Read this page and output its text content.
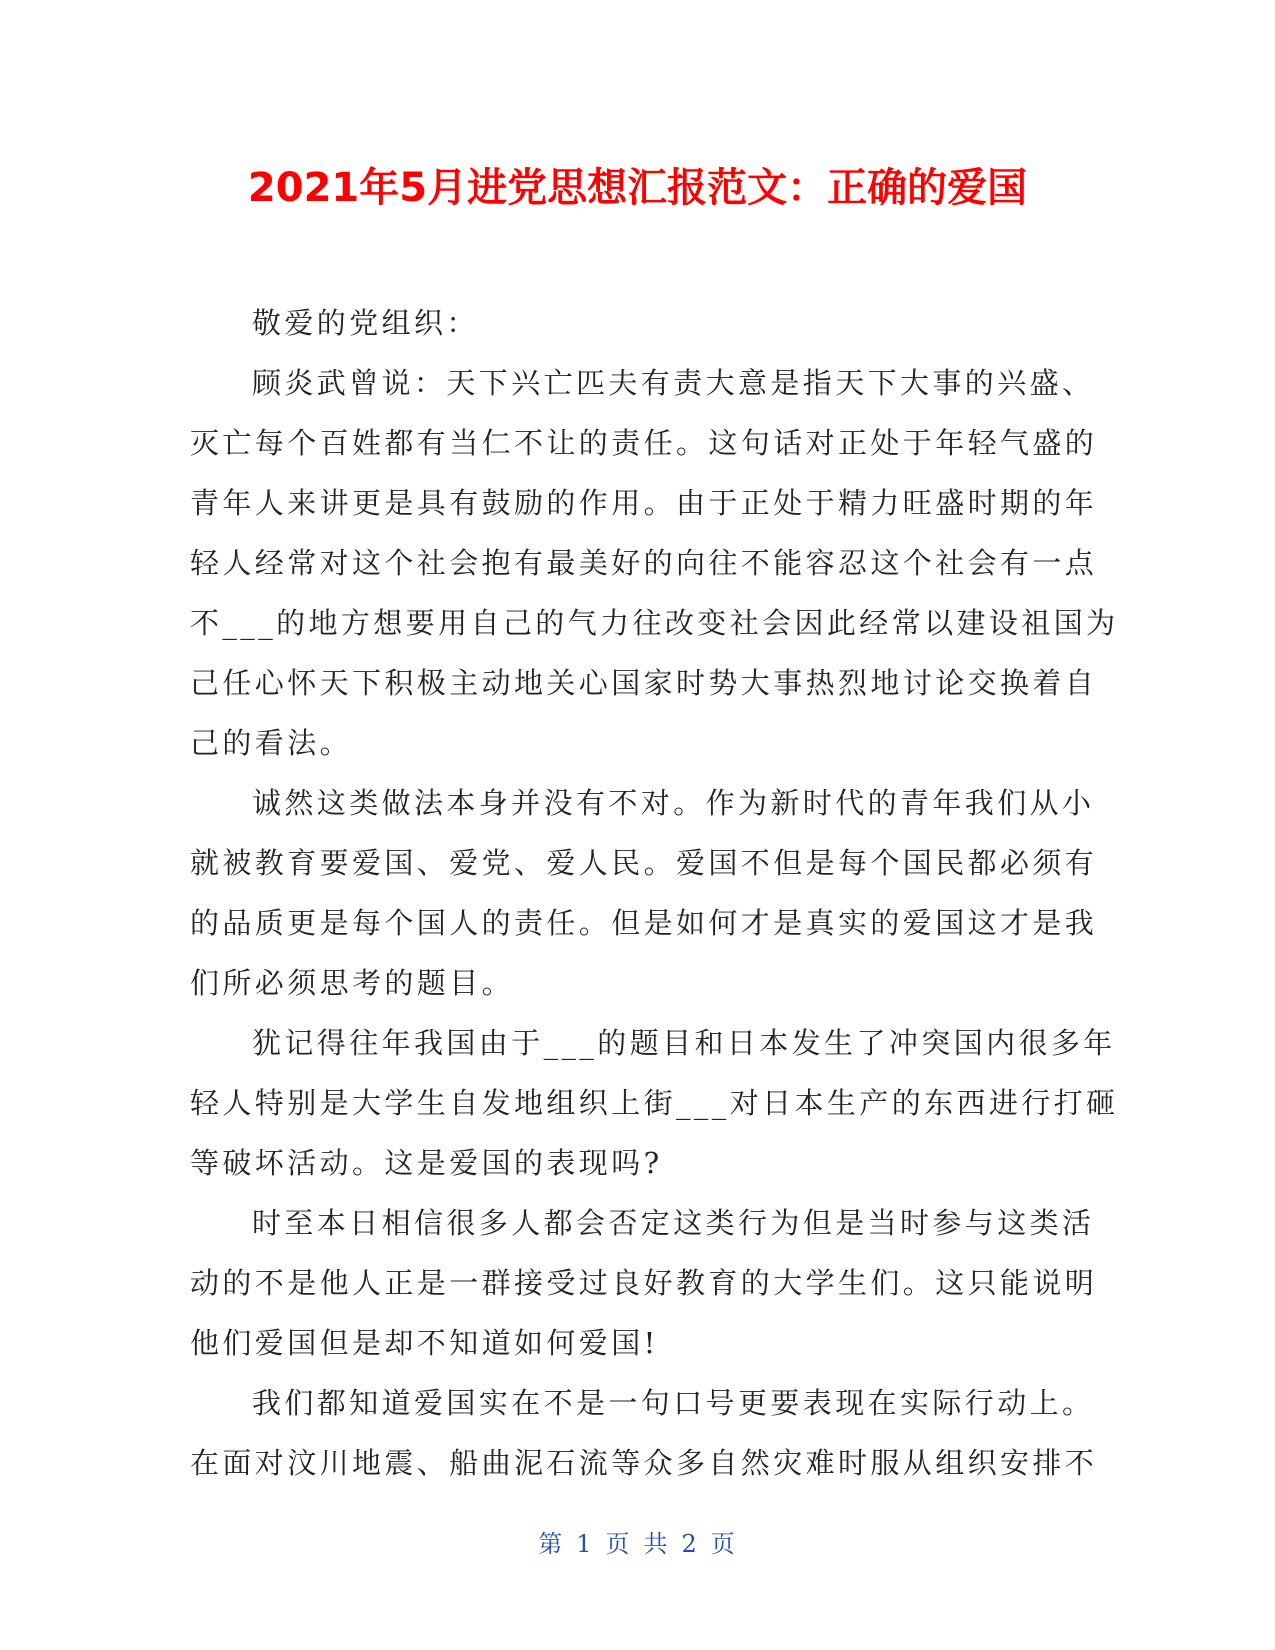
2021年5月进党思想汇报范文：正确的爱国

敬爱的党组织：

顾炎武曾说：天下兴亡匹夫有责大意是指天下大事的兴盛、
灭亡每个百姓都有当仁不让的责任。这句话对正处于年轻气盛的
青年人来讲更是具有鼓励的作用。由于正处于精力旺盛时期的年
轻人经常对这个社会抱有最美好的向往不能容忍这个社会有一点
不___的地方想要用自己的气力往改变社会因此经常以建设祖国为
己任心怀天下积极主动地关心国家时势大事热烈地讨论交换着自
己的看法。

诚然这类做法本身并没有不对。作为新时代的青年我们从小
就被教育要爱国、爱党、爱人民。爱国不但是每个国民都必须有
的品质更是每个国人的责任。但是如何才是真实的爱国这才是我
们所必须思考的题目。

犹记得往年我国由于___的题目和日本发生了冲突国内很多年
轻人特别是大学生自发地组织上街___对日本生产的东西进行打砸
等破坏活动。这是爱国的表现吗?

时至本日相信很多人都会否定这类行为但是当时参与这类活
动的不是他人正是一群接受过良好教育的大学生们。这只能说明
他们爱国但是却不知道如何爱国!

我们都知道爱国实在不是一句口号更要表现在实际行动上。
在面对汶川地震、船曲泥石流等众多自然灾难时服从组织安排不

第 1 页 共 2 页
